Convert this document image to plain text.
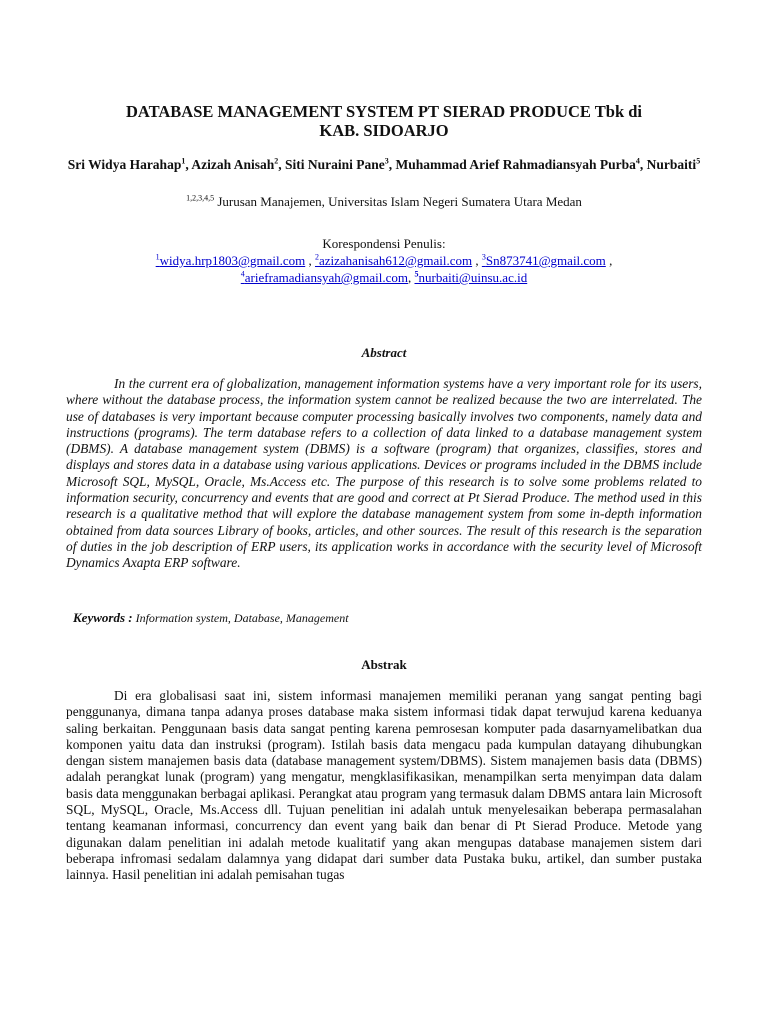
DATABASE MANAGEMENT SYSTEM PT SIERAD PRODUCE Tbk di
KAB. SIDOARJO
Sri Widya Harahap$^1$, Azizah Anisah$^2$, Siti Nuraini Pane$^3$, Muhammad Arief Rahmadiansyah Purba$^4$, Nurbaiti$^5$
$^{1,2,3,4,5}$ Jurusan Manajemen, Universitas Islam Negeri Sumatera Utara Medan
Korespondensi Penulis:
$^1$widya.hrp1803@gmail.com , $^2$azizahanisah612@gmail.com , $^3$Sn873741@gmail.com ,
$^4$arieframadiansyah@gmail.com, $^5$nurbaiti@uinsu.ac.id
Abstract

In the current era of globalization, management information systems have a very important role for its users, where without the database process, the information system cannot be realized because the two are interrelated. The use of databases is very important because computer processing basically involves two components, namely data and instructions (programs). The term database refers to a collection of data linked to a database management system (DBMS). A database management system (DBMS) is a software (program) that organizes, classifies, stores and displays and stores data in a database using various applications. Devices or programs included in the DBMS include Microsoft SQL, MySQL, Oracle, Ms.Access etc. The purpose of this research is to solve some problems related to information security, concurrency and events that are good and correct at Pt Sierad Produce. The method used in this research is a qualitative method that will explore the database management system from some in-depth information obtained from data sources Library of books, articles, and other sources. The result of this research is the separation of duties in the job description of ERP users, its application works in accordance with the security level of Microsoft Dynamics Axapta ERP software.

Keywords : Information system, Database, Management
Abstrak

Di era globalisasi saat ini, sistem informasi manajemen memiliki peranan yang sangat penting bagi penggunanya, dimana tanpa adanya proses database maka sistem informasi tidak dapat terwujud karena keduanya saling berkaitan. Penggunaan basis data sangat penting karena pemrosesan komputer pada dasarnyamelibatkan dua komponen yaitu data dan instruksi (program). Istilah basis data mengacu pada kumpulan datayang dihubungkan dengan sistem manajemen basis data (database management system/DBMS). Sistem manajemen basis data (DBMS) adalah perangkat lunak (program) yang mengatur, mengklasifikasikan, menampilkan serta menyimpan data dalam basis data menggunakan berbagai aplikasi. Perangkat atau program yang termasuk dalam DBMS antara lain Microsoft SQL, MySQL, Oracle, Ms.Access dll. Tujuan penelitian ini adalah untuk menyelesaikan beberapa permasalahan tentang keamanan informasi, concurrency dan event yang baik dan benar di Pt Sierad Produce. Metode yang digunakan dalam penelitian ini adalah metode kualitatif yang akan mengupas database manajemen sistem dari beberapa infromasi sedalam dalamnya yang didapat dari sumber data Pustaka buku, artikel, dan sumber pustaka lainnya. Hasil penelitian ini adalah pemisahan tugas
